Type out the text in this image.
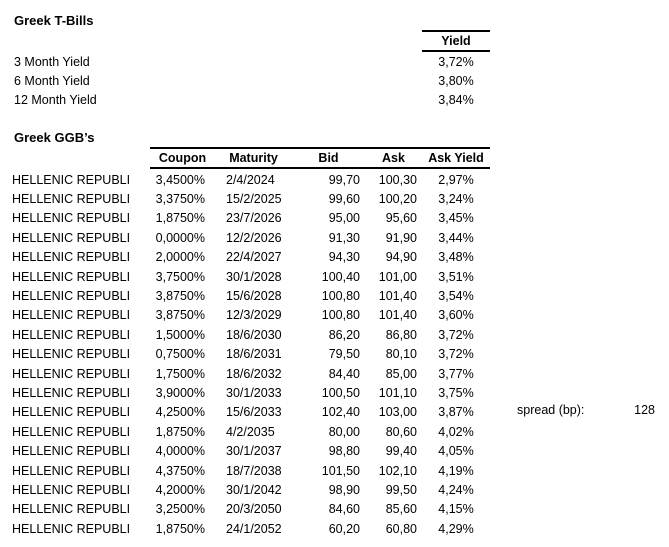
Greek T-Bills
Yield
3 Month Yield	3,72%
6 Month Yield	3,80%
12 Month Yield	3,84%
Greek GGB’s
Coupon	Maturity	Bid	Ask	Ask Yield
HELLENIC REPUBLI	3,4500%	2/4/2024	99,70	100,30	2,97%
HELLENIC REPUBLI	3,3750%	15/2/2025	99,60	100,20	3,24%
HELLENIC REPUBLI	1,8750%	23/7/2026	95,00	95,60	3,45%
HELLENIC REPUBLI	0,0000%	12/2/2026	91,30	91,90	3,44%
HELLENIC REPUBLI	2,0000%	22/4/2027	94,30	94,90	3,48%
HELLENIC REPUBLI	3,7500%	30/1/2028	100,40	101,00	3,51%
HELLENIC REPUBLI	3,8750%	15/6/2028	100,80	101,40	3,54%
HELLENIC REPUBLI	3,8750%	12/3/2029	100,80	101,40	3,60%
HELLENIC REPUBLI	1,5000%	18/6/2030	86,20	86,80	3,72%
HELLENIC REPUBLI	0,7500%	18/6/2031	79,50	80,10	3,72%
HELLENIC REPUBLI	1,7500%	18/6/2032	84,40	85,00	3,77%
HELLENIC REPUBLI	3,9000%	30/1/2033	100,50	101,10	3,75%
HELLENIC REPUBLI	4,2500%	15/6/2033	102,40	103,00	3,87%
HELLENIC REPUBLI	1,8750%	4/2/2035	80,00	80,60	4,02%
HELLENIC REPUBLI	4,0000%	30/1/2037	98,80	99,40	4,05%
HELLENIC REPUBLI	4,3750%	18/7/2038	101,50	102,10	4,19%
HELLENIC REPUBLI	4,2000%	30/1/2042	98,90	99,50	4,24%
HELLENIC REPUBLI	3,2500%	20/3/2050	84,60	85,60	4,15%
HELLENIC REPUBLI	1,8750%	24/1/2052	60,20	60,80	4,29%
spread (bp):	128
